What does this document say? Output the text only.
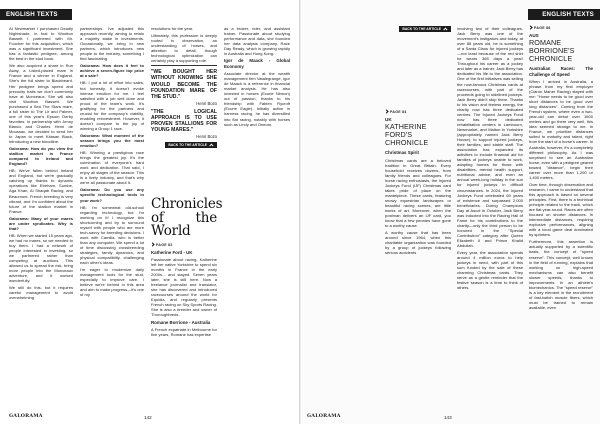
ENGLISH TEXTS

At Newmarket I purchased Deadly Nightshade, in foal to Wootton Bassett I partnered with Mr. Foucher for this acquisition, which was a significant investment. She has a fantastic pedigree, among the best in the stud book.

We also acquired a share in Run Away, a Listed-placed mare in France and a winner in England. She's the full sister to Blackbeard. Her pedigree brings speed and precocity traits we don't commonly have at Monceaux. She will also visit Wootton Bassett. We purchased a Sea The Stars mare, a full sister to The Lir and Palmer, one of this year's Epsom Derby favorites. In partnership with Jenny Blanco and Charles Henri de Moussac, we decided to send her to Japan to meet Kitasan Black, introducing a new bloodline.

Galorama: How do you view the stallion market in France compared to Ireland and England?

HB: We've fallen behind Ireland and England, but we're gradually catching up thanks to dynamic operations like Etreham, Sumbe, Aga Khan, Al Shaqab Racing, and Beaumont. French breeding is very vibrant, and I'm confident about the future of the stallion market in France.

Galorama: Many of your mares are under syndicates. Why is that?

HB: When we started 15 years ago, we had no mares, so we needed to buy them. I had a network of people interested in investing, so we partnered rather than competing at auctions. This allowed us to spread the risk, bring more people into the Monceaux adventure, and it worked wonderfully.

We still do this, but it requires careful management to avoid overwhelming

partnerships. I've adjusted this approach recently, aiming to retain a majority stake in investments. Occasionally, we bring in new partners, which introduces new people to the industry, something I find fascinating.

Galorama: How does it feel to achieve a seven-figure top price at a sale?

HB: I put a lot of effort into sales, but honestly, it doesn't evoke intense emotion for me. I feel satisfied with a job well done and proud of the team's work. It's gratifying for the partners and crucial for the company's viability, enabling reinvestment. However, it doesn't compare to the joy of winning a Group 1 race.

Galorama: What moment of the season brings you the most emotion?

HB: Winning a prestigious race brings the greatest joy. It's the culmination of everyone's hard work and dedication. That said, I enjoy all stages of the season. This is a lively industry, and that's why we're all passionate about it.

Galorama: Do you use any specific technological tools in your work?

HB: I'm somewhat old-school regarding technology, but I'm working on it! I recognize this shortcoming and try to surround myself with people who are more tech-savvy for breeding decisions. I work with Camilla, who is better than any computer. We spend a lot of time discussing crossbreeding strategies, family dynamics, and physical compatibility, challenging each other's ideas.

I'm eager to modernize daily management tools for the stud, especially to improve care. I believe we're behind in this area and aim to make progress—it's one of my

resolutions for the year.

Ultimately, this profession is deeply rooted in observation, an understanding of horses, and attention to detail, though technological optimization can certainly play a supporting role.

"WE BOUGHT HER WITHOUT KNOWING SHE WOULD BECOME THE FOUNDATION MARE OF THE STUD."
Henri Bozo
"THE LOGICAL APPROACH IS TO USE PROVEN STALLIONS FOR YOUNG MARES."
Henri Bozo
BACK TO THE ARTICLE
Chronicles of the World
PAGE 82

Katherine Ford - UK

Passionate about racing, Katherine left her native Yorkshire to spend six months in France in the early 2000s... and stayed. Seven years later, she is still here. Now a freelance journalist and translator, she has discovered and introduced racecourses around the world for Equidia, and regularly presents French racing on Sky Sports Racing. She is also a breeder and owner of Thoroughbreds.

Romane Borrione - Australia

A French expatriate in Melbourne for five years, Romane has expertise

as a broker, rider, and assistant trainer. Passionate about studying performance and data, she founded her data analysis company, Race Day Ready, which is growing rapidly in Australia and Hong Kong.

Igor de Maack - Global Economy

Associate director at the wealth management firm Vatalegrange, Igor de Maack is a reference in financial market analysis. He has also invested in horses (Ecurie Ninnon) out of passion, thanks to his friendship with Fabien Rycroft (Ecurie Eagle). Initially active in harness racing, he has diversified into flat racing, notably with horses such as Lindy and Oneoto.

GALORAMA	142
ENGLISH TEXTS
PAGE 84
UK
KATHERINE FORD'S CHRONICLE

Christmas Spirit

Christmas cards are a beloved tradition in Great Britain. Every household receives dozens, from family friends and colleagues. For horse racing enthusiasts, the Injured Jockeys Fund (IJF) Christmas card takes pride of place on the mantelpiece. These cards, featuring snowy equestrian landscapes or beautiful racing scenes, are little works of art. Moreover, when the postman delivers an IJF card, you know that a few pennies have gone to a worthy cause.

A worthy cause that has been around since 1964, when this charitable organization was founded by a group of jockeys following serious accidents

BACK TO THE ARTICLE	involving two of their colleagues. Jack Berry was one of the movement's instigators and today, at over 85 years old, he is something of a Santa Claus for injured jockeys—not least because of the red shirt he wears 365 days a year! Throughout his career as a jockey and later as a trainer, Jack Berry has dedicated his life to the association. One of the first initiatives was selling the now-famous Christmas cards at racecourses, with part of the proceeds going to sidelined jockeys. Jack Berry didn't stop there. Thanks to his vision and tireless energy, the charity now has three dedicated centres. The Injured Jockeys Fund now has three dedicated rehabilitation centers in Lambourn, Newmarket, and Malton in Yorkshire (appropriately named Jack Berry House), to support injured jockeys, their families, and stable staff. The association has expanded its activities to include financial aid for families of jockeys unable to work, adapting homes for those with disabilities, mental health support, nutritional advice, and even an annual week-long holiday in the sun for injured jockeys in difficult circumstances. In 2024, the Injured Jockeys Fund celebrated 60 years of existence and surpassed 2,000 beneficiaries. During Champions Day at Ascot in October, Jack Berry was inducted into the Racing Hall of Fame for his contributions to the charity—only the third person to be honored in the "Special Contribution" category after Queen Elizabeth II and Prince Khalid Abdullah.

Every year, the association spends around 4 million euros to help jockeys in need, with part of this sum funded by the sale of these charming Christmas cards. They serve as a gentle reminder that the festive season is a time to think of others.

PAGE 86
AUS
ROMANE BORRIONE'S CHRONICLE

Australian Races: The Challenge of Speed

When I arrived in Australia, a phrase from my first employer (Ciaron Maher Racing) stayed with me: "Horse needs to be good over short distances to be good over long distances". Coming from the French system, where even a two-year-old can debut over 1600 meters and go there very well, this idea seemed strange to me. In France, we prioritize distances suited to maturity and talent, right from the start of a horse's career. In Australia, however, it's a completely different philosophy. As I was surprised to see an Australian horse, even with a pedigree geared toward "distance", begin their career over more than 1,200 or 1,400 meters.

Over time, through observation and research, I came to understand that this approach is based on several principles. First, there is a technical principle related to the track, which are flat year-round. Races are often focused on shorter distances. In intermediate distances, requiring explosive performances, aligning with a local game deal dominated by sprinters.

Furthermore, this assertion is actually supported by a scientific basis, the concept of "speed reserve". This concept, well known in the field of running, explains that working on high-speed mechanisms can also benefit slower speeds, thanks to improvements in an athlete's biomechanics. The "speed reserve" is a key element in the recruitment of fast-twitch muscle fibers, which must be trained to remain available, even

GALORAMA	143
